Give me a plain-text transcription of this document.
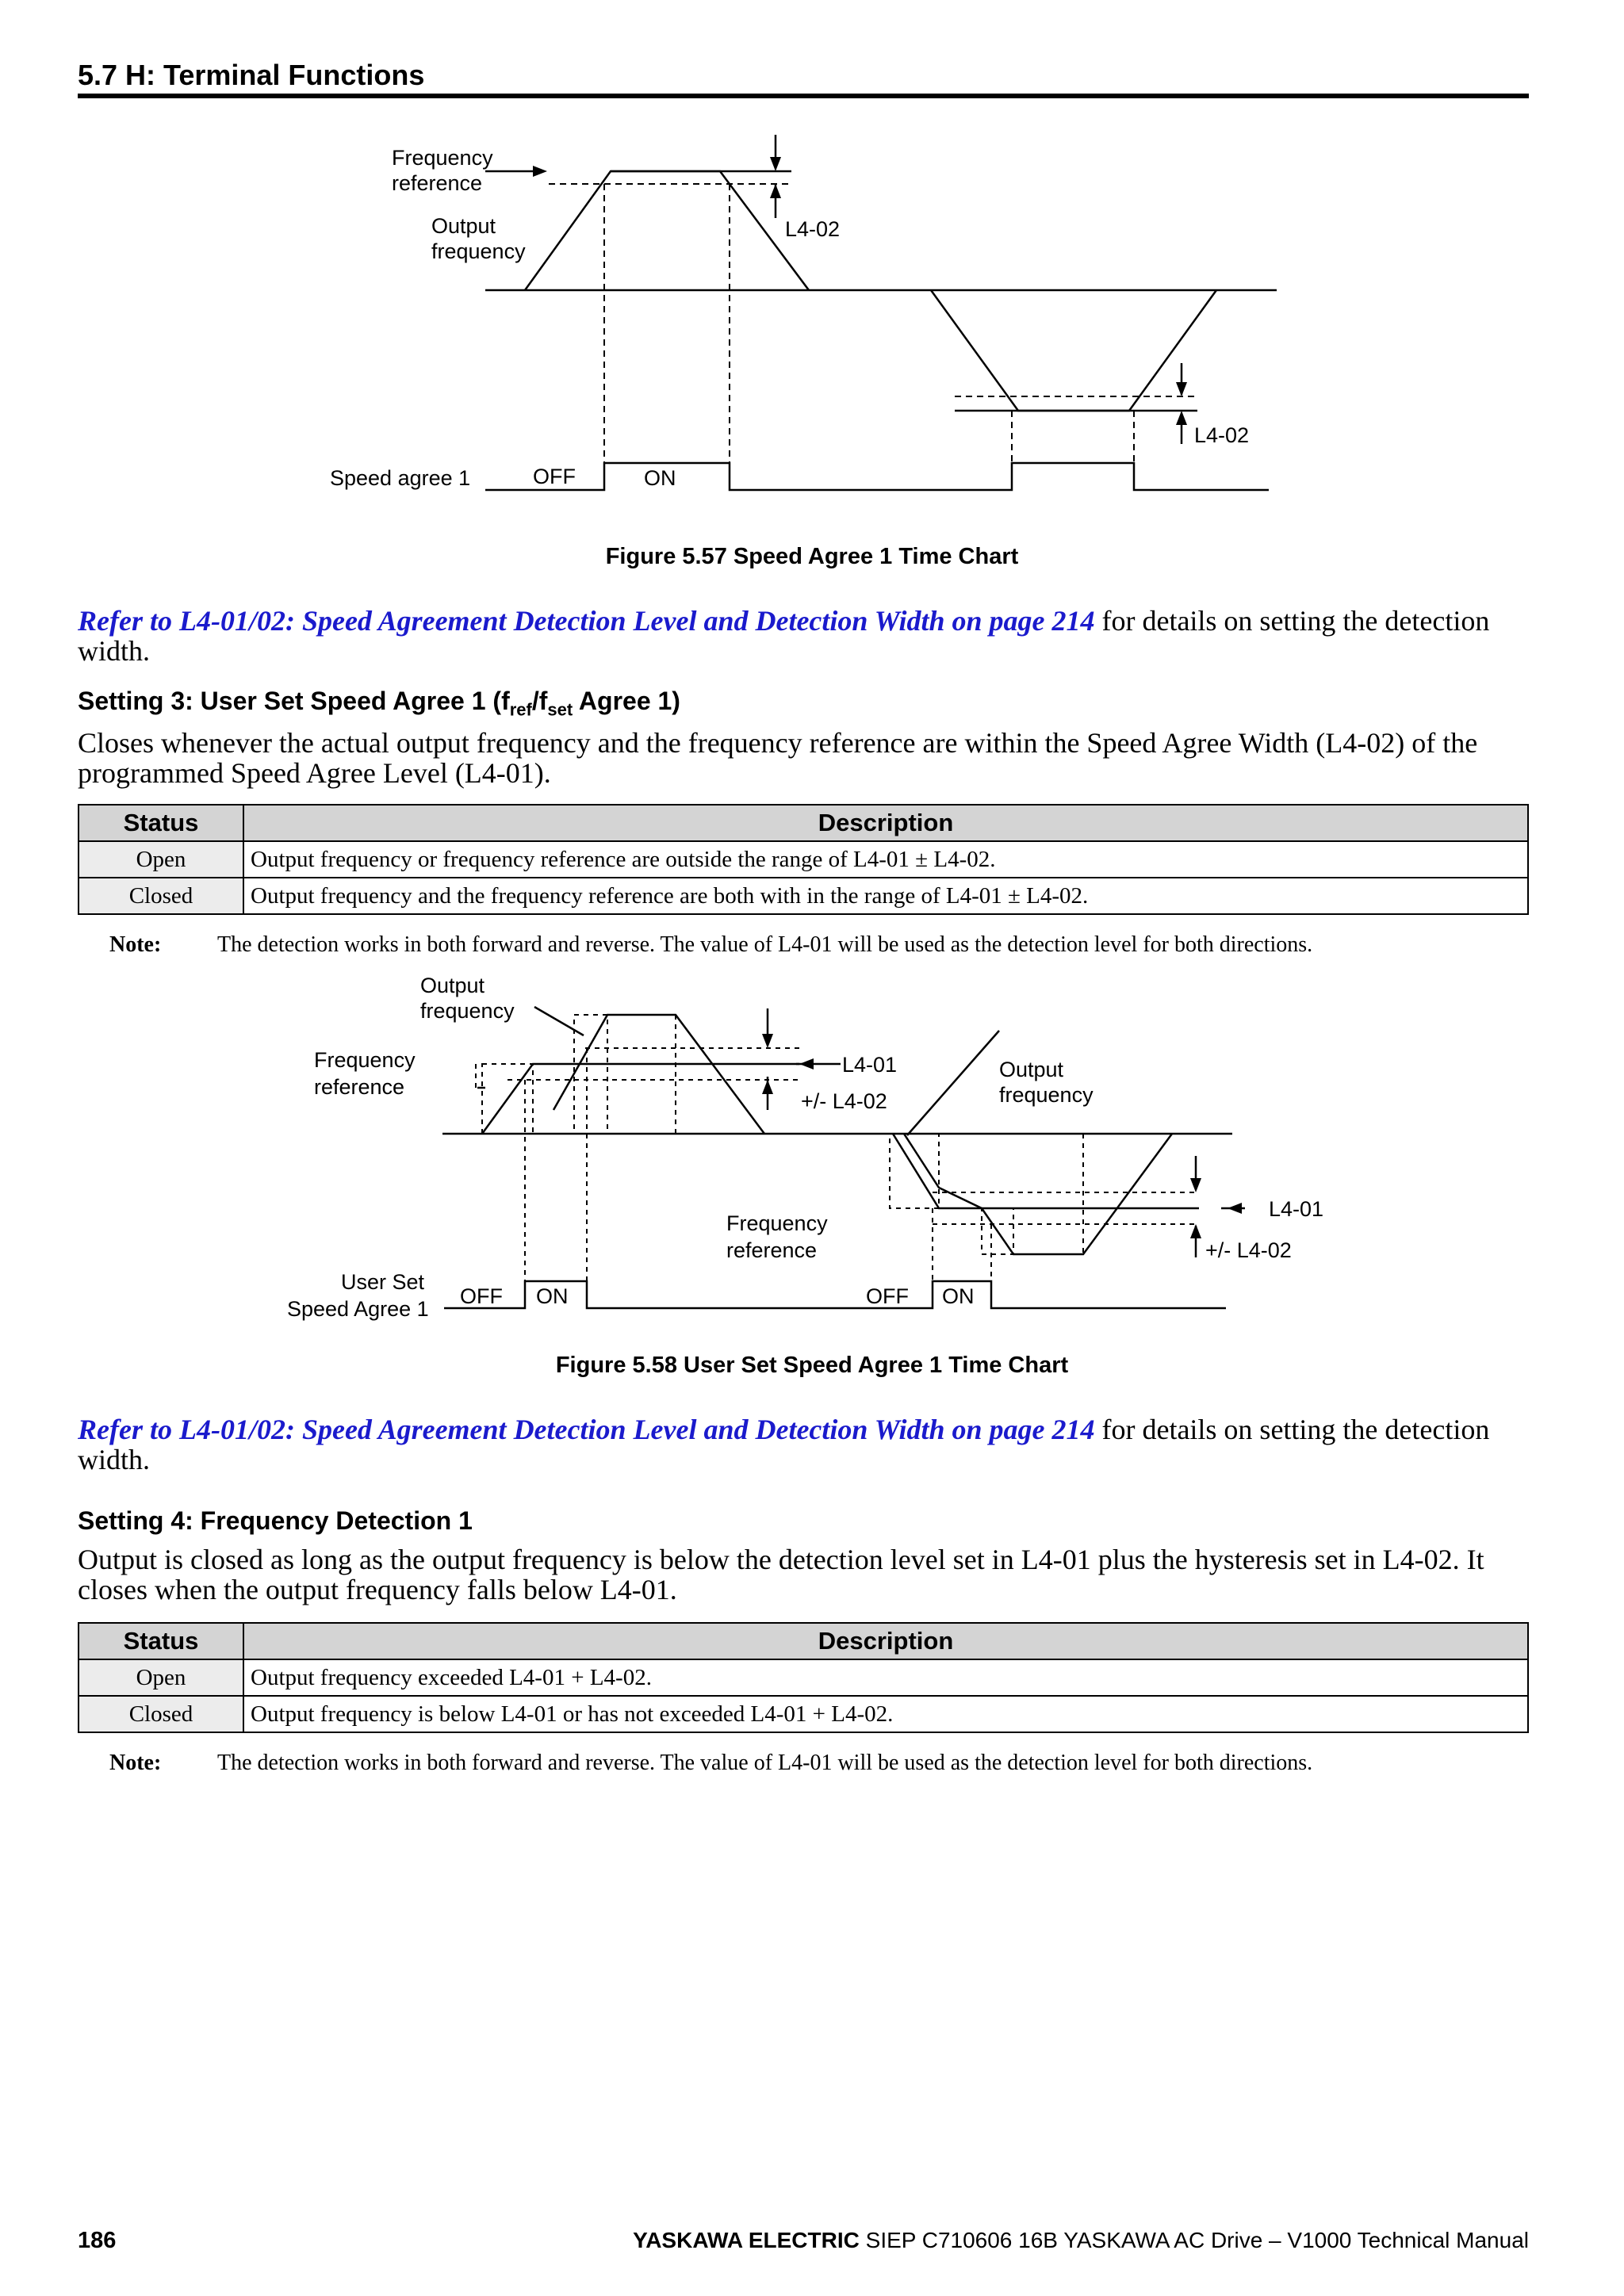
5.7 H: Terminal Functions
Frequency
reference
Output
frequency
L4-02
L4-02
Speed agree 1	OFF	ON
Figure 5.57 Speed Agree 1 Time Chart
Refer to L4-01/02: Speed Agreement Detection Level and Detection Width on page 214 for details on setting the detection width.
Setting 3: User Set Speed Agree 1 ($f_{ref}/f_{set}$ Agree 1)
Closes whenever the actual output frequency and the frequency reference are within the Speed Agree Width (L4-02) of the programmed Speed Agree Level (L4-01).
Status	Description
Open	Output frequency or frequency reference are outside the range of L4-01 ± L4-02.
Closed	Output frequency and the frequency reference are both with in the range of L4-01 ± L4-02.
Note:	The detection works in both forward and reverse. The value of L4-01 will be used as the detection level for both directions.
Output
frequency
Frequency
reference
L4-01
+/- L4-02
Output
frequency
Frequency
reference
L4-01
+/- L4-02
User Set
Speed Agree 1
OFF ON	OFF ON
Figure 5.58 User Set Speed Agree 1 Time Chart
Refer to L4-01/02: Speed Agreement Detection Level and Detection Width on page 214 for details on setting the detection width.
Setting 4: Frequency Detection 1
Output is closed as long as the output frequency is below the detection level set in L4-01 plus the hysteresis set in L4-02. It closes when the output frequency falls below L4-01.
Status	Description
Open	Output frequency exceeded L4-01 + L4-02.
Closed	Output frequency is below L4-01 or has not exceeded L4-01 + L4-02.
Note:	The detection works in both forward and reverse. The value of L4-01 will be used as the detection level for both directions.
186	YASKAWA ELECTRIC SIEP C710606 16B YASKAWA AC Drive – V1000 Technical Manual
